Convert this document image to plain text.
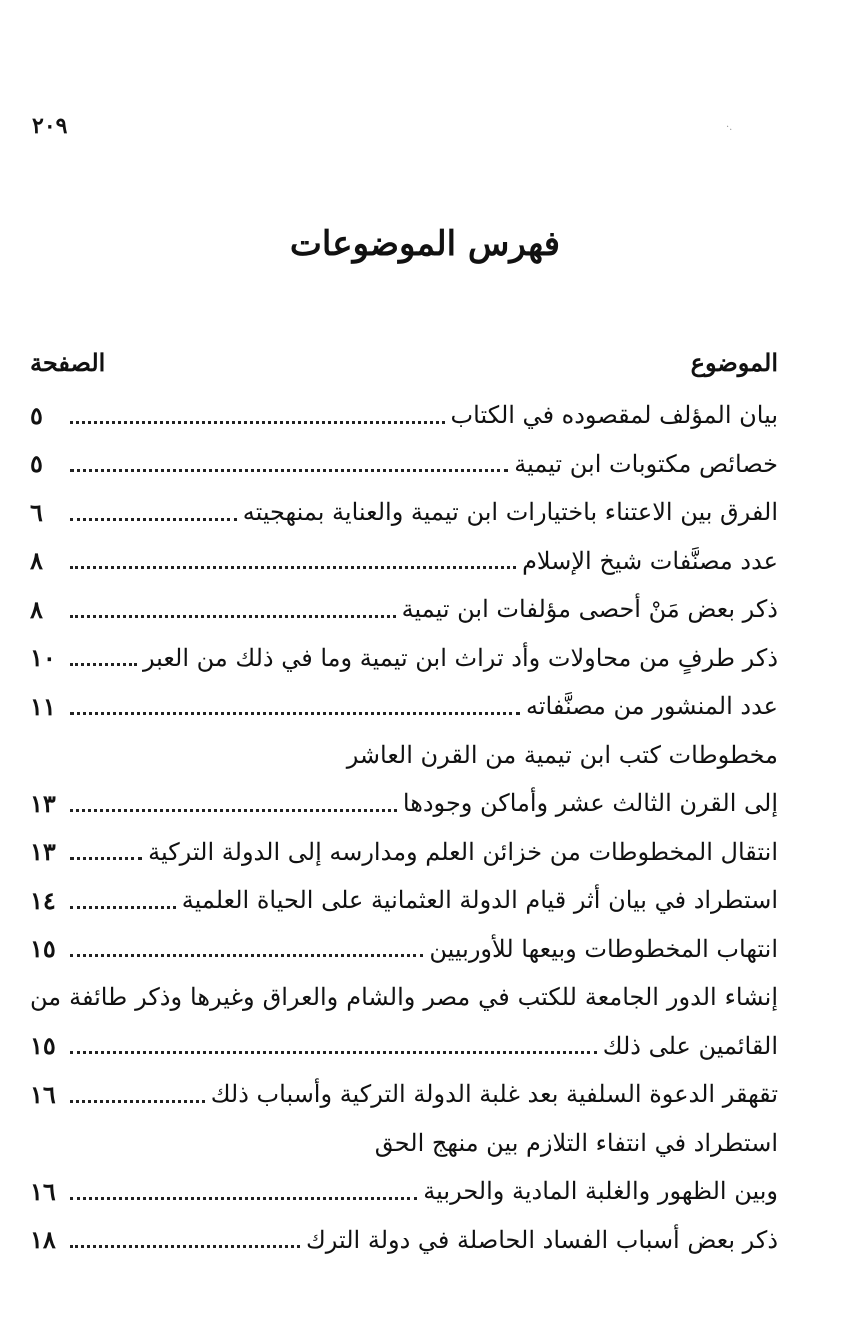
٢٠٩	·.
فهرس الموضوعات
الموضوع
الصفحة
بيان المؤلف لمقصوده في الكتاب
٥
خصائص مكتوبات ابن تيمية
٥
الفرق بين الاعتناء باختيارات ابن تيمية والعناية بمنهجيته
٦
عدد مصنَّفات شيخ الإسلام
٨
ذكر بعض مَنْ أحصى مؤلفات ابن تيمية
٨
ذكر طرفٍ من محاولات وأد تراث ابن تيمية وما في ذلك من العبر
١٠
عدد المنشور من مصنَّفاته
١١
مخطوطات كتب ابن تيمية من القرن العاشر
إلى القرن الثالث عشر وأماكن وجودها
١٣
انتقال المخطوطات من خزائن العلم ومدارسه إلى الدولة التركية
١٣
استطراد في بيان أثر قيام الدولة العثمانية على الحياة العلمية
١٤
انتهاب المخطوطات وبيعها للأوربيين
١٥
إنشاء الدور الجامعة للكتب في مصر والشام والعراق وغيرها وذكر طائفة من
القائمين على ذلك
١٥
تقهقر الدعوة السلفية بعد غلبة الدولة التركية وأسباب ذلك
١٦
استطراد في انتفاء التلازم بين منهج الحق
وبين الظهور والغلبة المادية والحربية
١٦
ذكر بعض أسباب الفساد الحاصلة في دولة الترك
١٨
